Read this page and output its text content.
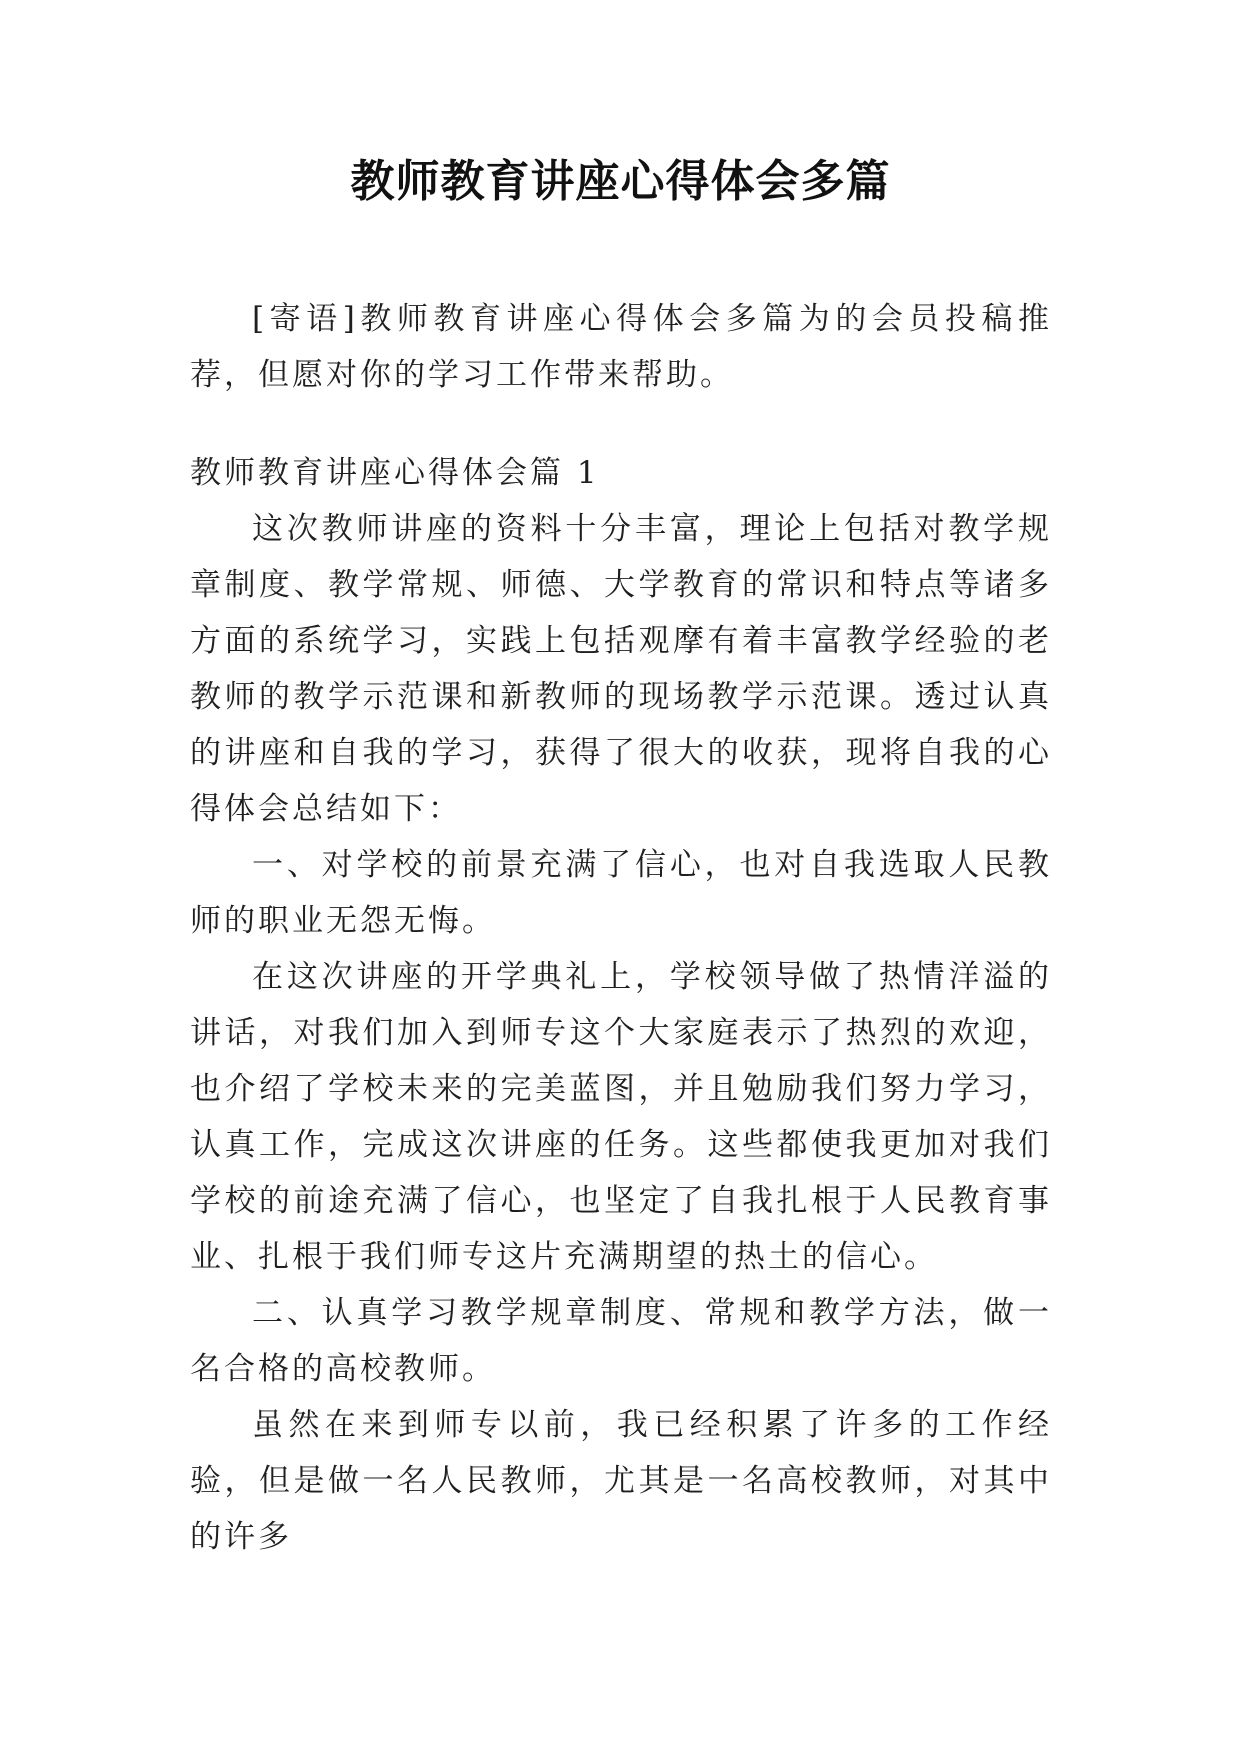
教师教育讲座心得体会多篇

[寄语]教师教育讲座心得体会多篇为的会员投稿推荐，但愿对你的学习工作带来帮助。

教师教育讲座心得体会篇 1

这次教师讲座的资料十分丰富，理论上包括对教学规章制度、教学常规、师德、大学教育的常识和特点等诸多方面的系统学习，实践上包括观摩有着丰富教学经验的老教师的教学示范课和新教师的现场教学示范课。透过认真的讲座和自我的学习，获得了很大的收获，现将自我的心得体会总结如下：

一、对学校的前景充满了信心，也对自我选取人民教师的职业无怨无悔。

在这次讲座的开学典礼上，学校领导做了热情洋溢的讲话，对我们加入到师专这个大家庭表示了热烈的欢迎，也介绍了学校未来的完美蓝图，并且勉励我们努力学习，认真工作，完成这次讲座的任务。这些都使我更加对我们学校的前途充满了信心，也坚定了自我扎根于人民教育事业、扎根于我们师专这片充满期望的热土的信心。

二、认真学习教学规章制度、常规和教学方法，做一名合格的高校教师。

虽然在来到师专以前，我已经积累了许多的工作经验，但是做一名人民教师，尤其是一名高校教师，对其中的许多
